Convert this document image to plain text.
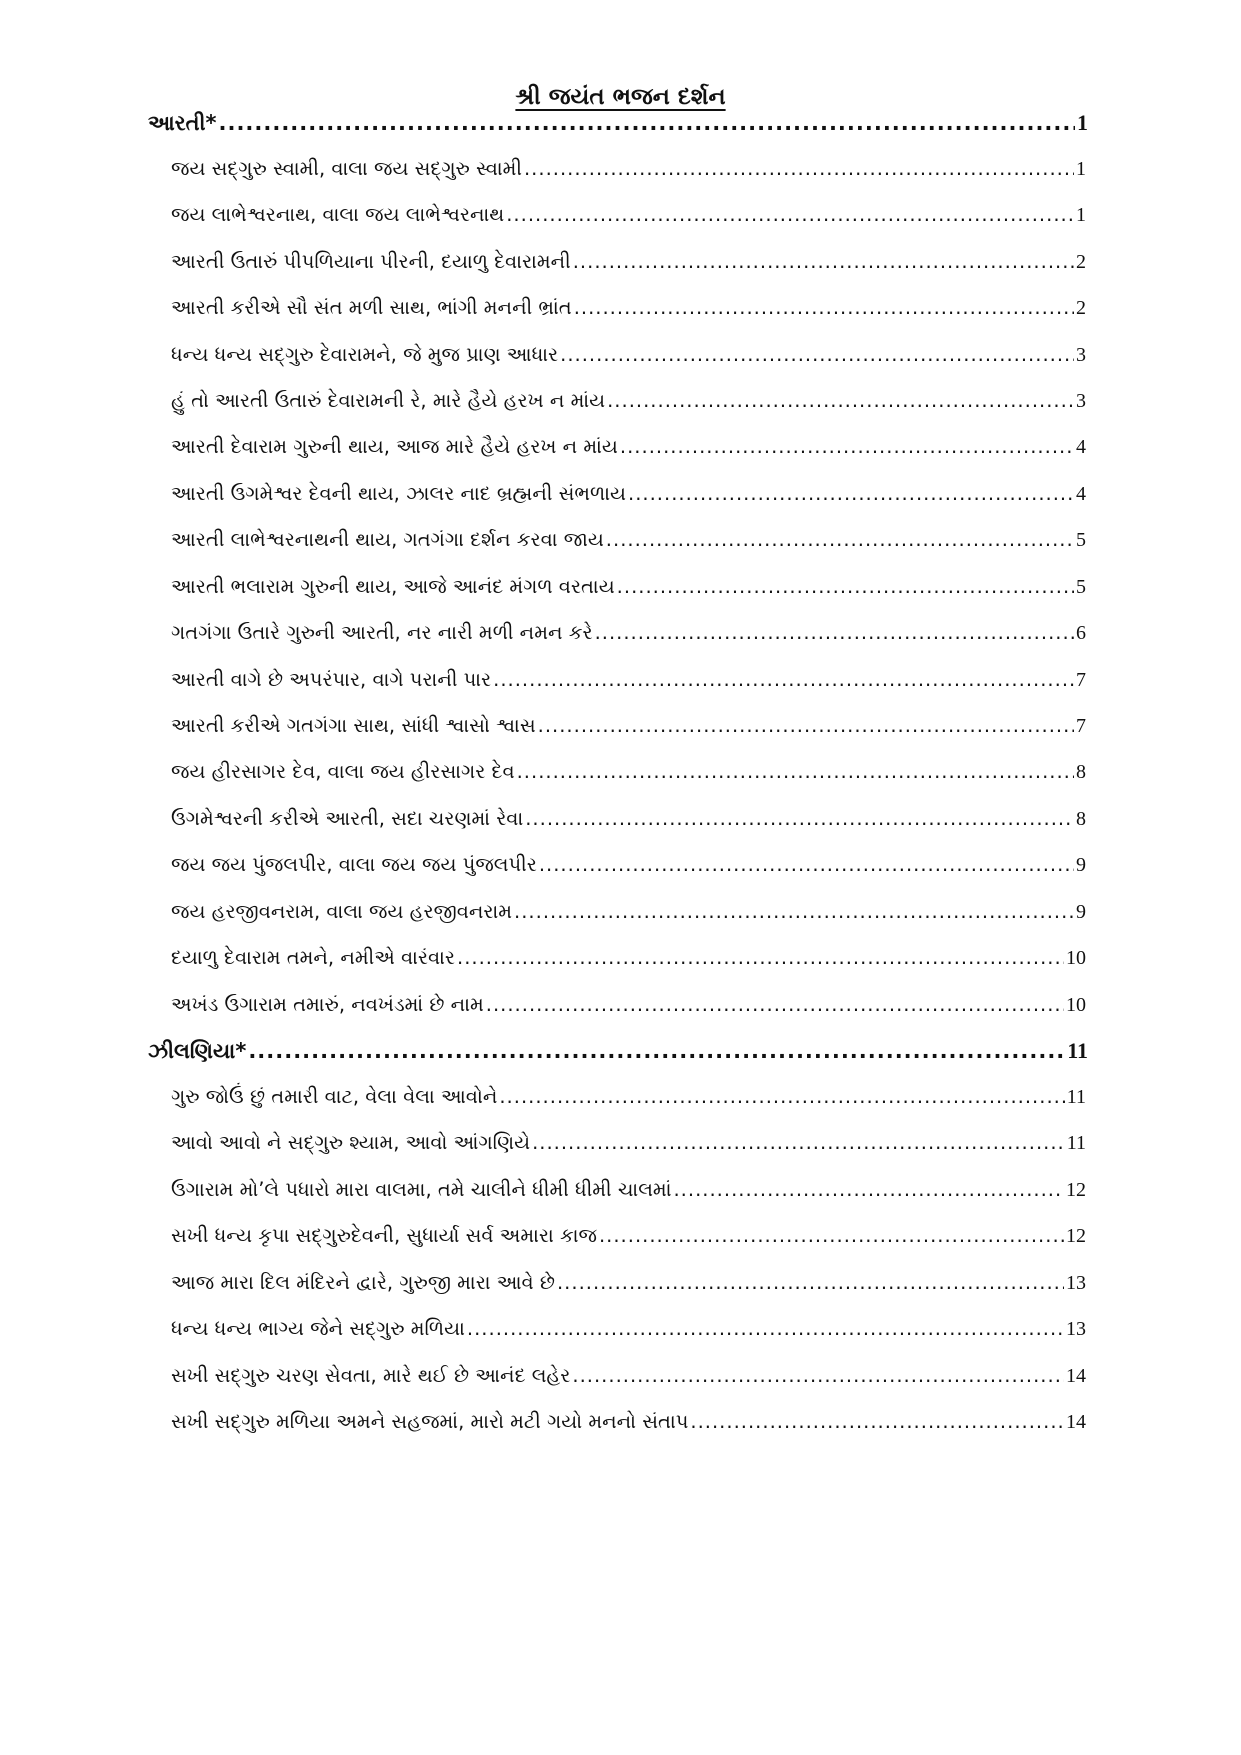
શ્રી જયંત ભજન દર્શન
આરતી* .....	1
જય સદ્‌ગુરુ સ્વામી, વાલા જય સદ્‌ગુરુ સ્વામી .....	1
જય લાભેશ્વરનાથ, વાલા જય લાભેશ્વરનાથ .....	1
આરતી ઉતારું પીપળિયાના પીરની, દયાળુ દેવારામની .....	2
આરતી કરીએ સૌ સંત મળી સાથ, ભાંગી મનની ભ્રાંત .....	2
ધન્ય ધન્ય સદ્‌ગુરુ દેવારામને, જે મુજ પ્રાણ આધાર .....	3
હું તો આરતી ઉતારું દેવારામની રે, મારે હૈયે હરખ ન માંય .....	3
આરતી દેવારામ ગુરુની થાય, આજ મારે હૈયે હરખ ન માંય .....	4
આરતી ઉગમેશ્વર દેવની થાય, ઝાલર નાદ બ્રહ્મની સંભળાય .....	4
આરતી લાભેશ્વરનાથની થાય, ગતગંગા દર્શન કરવા જાય .....	5
આરતી ભલારામ ગુરુની થાય, આજે આનંદ મંગળ વરતાય .....	5
ગતગંગા ઉતારે ગુરુની આરતી, નર નારી મળી નમન કરે .....	6
આરતી વાગે છે અપરંપાર, વાગે પરાની પાર .....	7
આરતી કરીએ ગતગંગા સાથ, સાંધી શ્વાસો શ્વાસ .....	7
જય હીરસાગર દેવ, વાલા જય હીરસાગર દેવ .....	8
ઉગમેશ્વરની કરીએ આરતી, સદા ચરણમાં રેવા .....	8
જય જય પુંજલપીર, વાલા જય જય પુંજલપીર .....	9
જય હરજીવનરામ, વાલા જય હરજીવનરામ .....	9
દયાળુ દેવારામ તમને, નમીએ વારંવાર .....	10
અખંડ ઉગારામ તમારું, નવખંડમાં છે નામ .....	10
ઝીલણિયા* .....	11
ગુરુ જોઉં છું તમારી વાટ, વેલા વેલા આવોને .....	11
આવો આવો ને સદ્‌ગુરુ શ્યામ, આવો આંગણિયે .....	11
ઉગારામ મો’લે પધારો મારા વાલમા, તમે ચાલીને ધીમી ધીમી ચાલમાં .....	12
સખી ધન્ય કૃપા સદ્‌ગુરુદેવની, સુધાર્યા સર્વ અમારા કાજ .....	12
આજ મારા દિલ મંદિરને દ્વારે, ગુરુજી મારા આવે છે .....	13
ધન્ય ધન્ય ભાગ્ય જેને સદ્‌ગુરુ મળિયા .....	13
સખી સદ્‌ગુરુ ચરણ સેવતા, મારે થઈ છે આનંદ લહેર .....	14
સખી સદ્‌ગુરુ મળિયા અમને સહજમાં, મારો મટી ગયો મનનો સંતાપ .....	14
